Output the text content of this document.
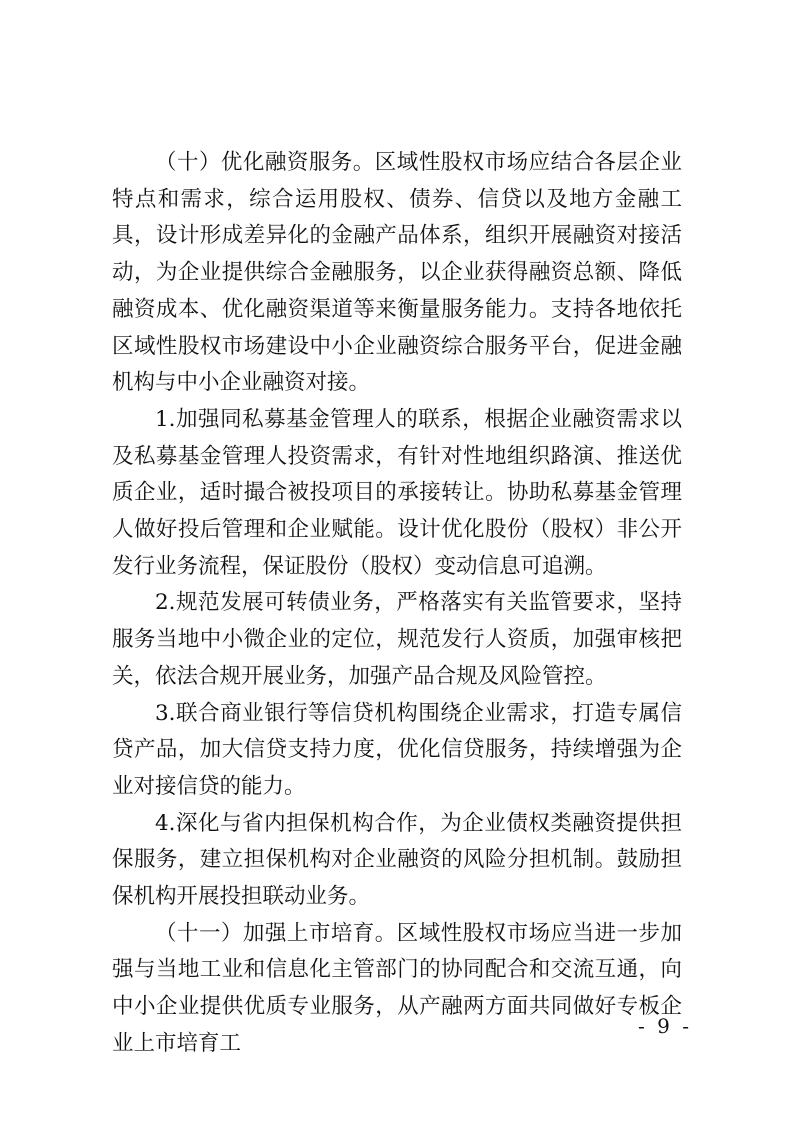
（十）优化融资服务。区域性股权市场应结合各层企业特点和需求，综合运用股权、债券、信贷以及地方金融工具，设计形成差异化的金融产品体系，组织开展融资对接活动，为企业提供综合金融服务，以企业获得融资总额、降低融资成本、优化融资渠道等来衡量服务能力。支持各地依托区域性股权市场建设中小企业融资综合服务平台，促进金融机构与中小企业融资对接。

1.加强同私募基金管理人的联系，根据企业融资需求以及私募基金管理人投资需求，有针对性地组织路演、推送优质企业，适时撮合被投项目的承接转让。协助私募基金管理人做好投后管理和企业赋能。设计优化股份（股权）非公开发行业务流程，保证股份（股权）变动信息可追溯。

2.规范发展可转债业务，严格落实有关监管要求，坚持服务当地中小微企业的定位，规范发行人资质，加强审核把关，依法合规开展业务，加强产品合规及风险管控。

3.联合商业银行等信贷机构围绕企业需求，打造专属信贷产品，加大信贷支持力度，优化信贷服务，持续增强为企业对接信贷的能力。

4.深化与省内担保机构合作，为企业债权类融资提供担保服务，建立担保机构对企业融资的风险分担机制。鼓励担保机构开展投担联动业务。

（十一）加强上市培育。区域性股权市场应当进一步加强与当地工业和信息化主管部门的协同配合和交流互通，向中小企业提供优质专业服务，从产融两方面共同做好专板企业上市培育工

- 9 -
